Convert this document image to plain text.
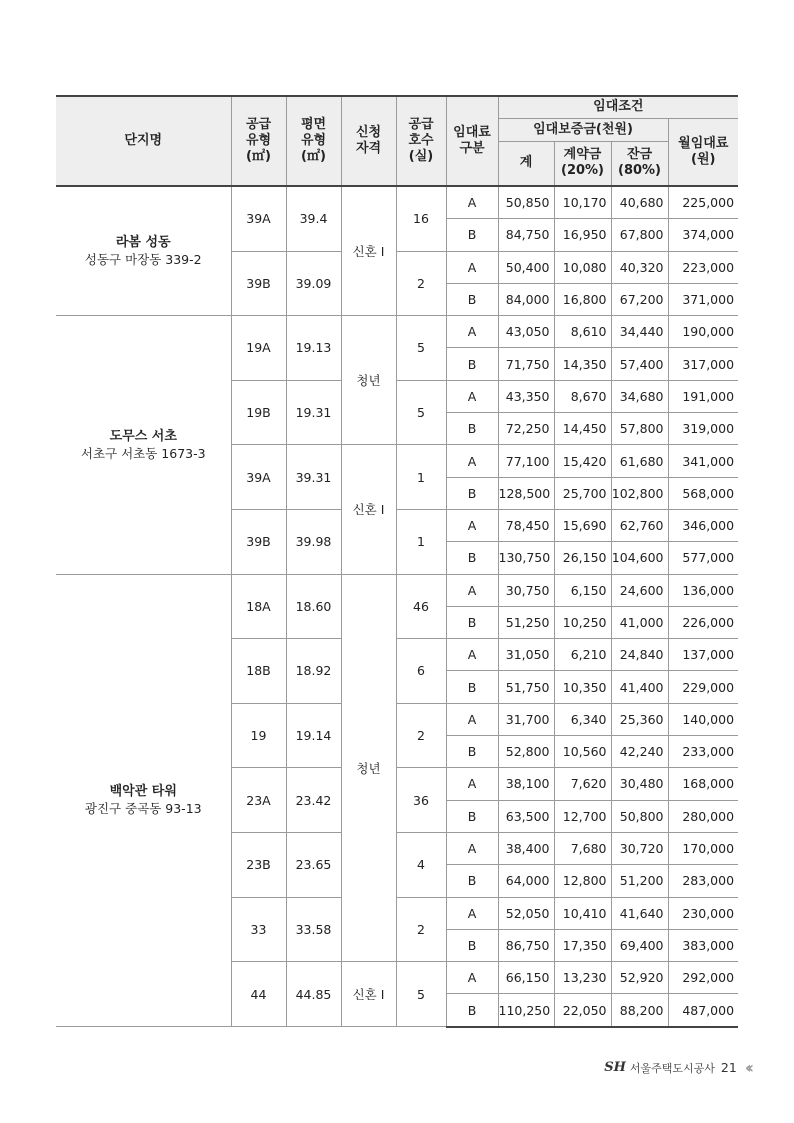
단지명	공급
유형
(㎡)	평면
유형
(㎡)	신청
자격	공급
호수
(실)	임대료
구분	임대조건			
						임대보증금(천원)			월임대료
(원)

						계	계약금
(20%)	잔금
(80%)	

라봄 성동
성동구 마장동 339-2	39A	39.4	신혼 Ⅰ	16	A	50,850	10,170	40,680	225,000
					B	84,750	16,950	67,800	374,000
	39B	39.09		2	A	50,400	10,080	40,320	223,000
					B	84,000	16,800	67,200	371,000

도무스 서초
서초구 서초동 1673-3	19A	19.13	청년	5	A	43,050	8,610	34,440	190,000
					B	71,750	14,350	57,400	317,000
	19B	19.31		5	A	43,350	8,670	34,680	191,000
					B	72,250	14,450	57,800	319,000
	39A	39.31	신혼 Ⅰ	1	A	77,100	15,420	61,680	341,000
					B	128,500	25,700	102,800	568,000
	39B	39.98		1	A	78,450	15,690	62,760	346,000
					B	130,750	26,150	104,600	577,000

백악관 타워
광진구 중곡동 93-13	18A	18.60	청년	46	A	30,750	6,150	24,600	136,000
					B	51,250	10,250	41,000	226,000
	18B	18.92		6	A	31,050	6,210	24,840	137,000
					B	51,750	10,350	41,400	229,000
	19	19.14		2	A	31,700	6,340	25,360	140,000
					B	52,800	10,560	42,240	233,000
	23A	23.42		36	A	38,100	7,620	30,480	168,000
					B	63,500	12,700	50,800	280,000
	23B	23.65		4	A	38,400	7,680	30,720	170,000
					B	64,000	12,800	51,200	283,000
	33	33.58		2	A	52,050	10,410	41,640	230,000
					B	86,750	17,350	69,400	383,000
	44	44.85	신혼 Ⅰ	5	A	66,150	13,230	52,920	292,000
					B	110,250	22,050	88,200	487,000
SH 서울주택도시공사 21 ‹‹
